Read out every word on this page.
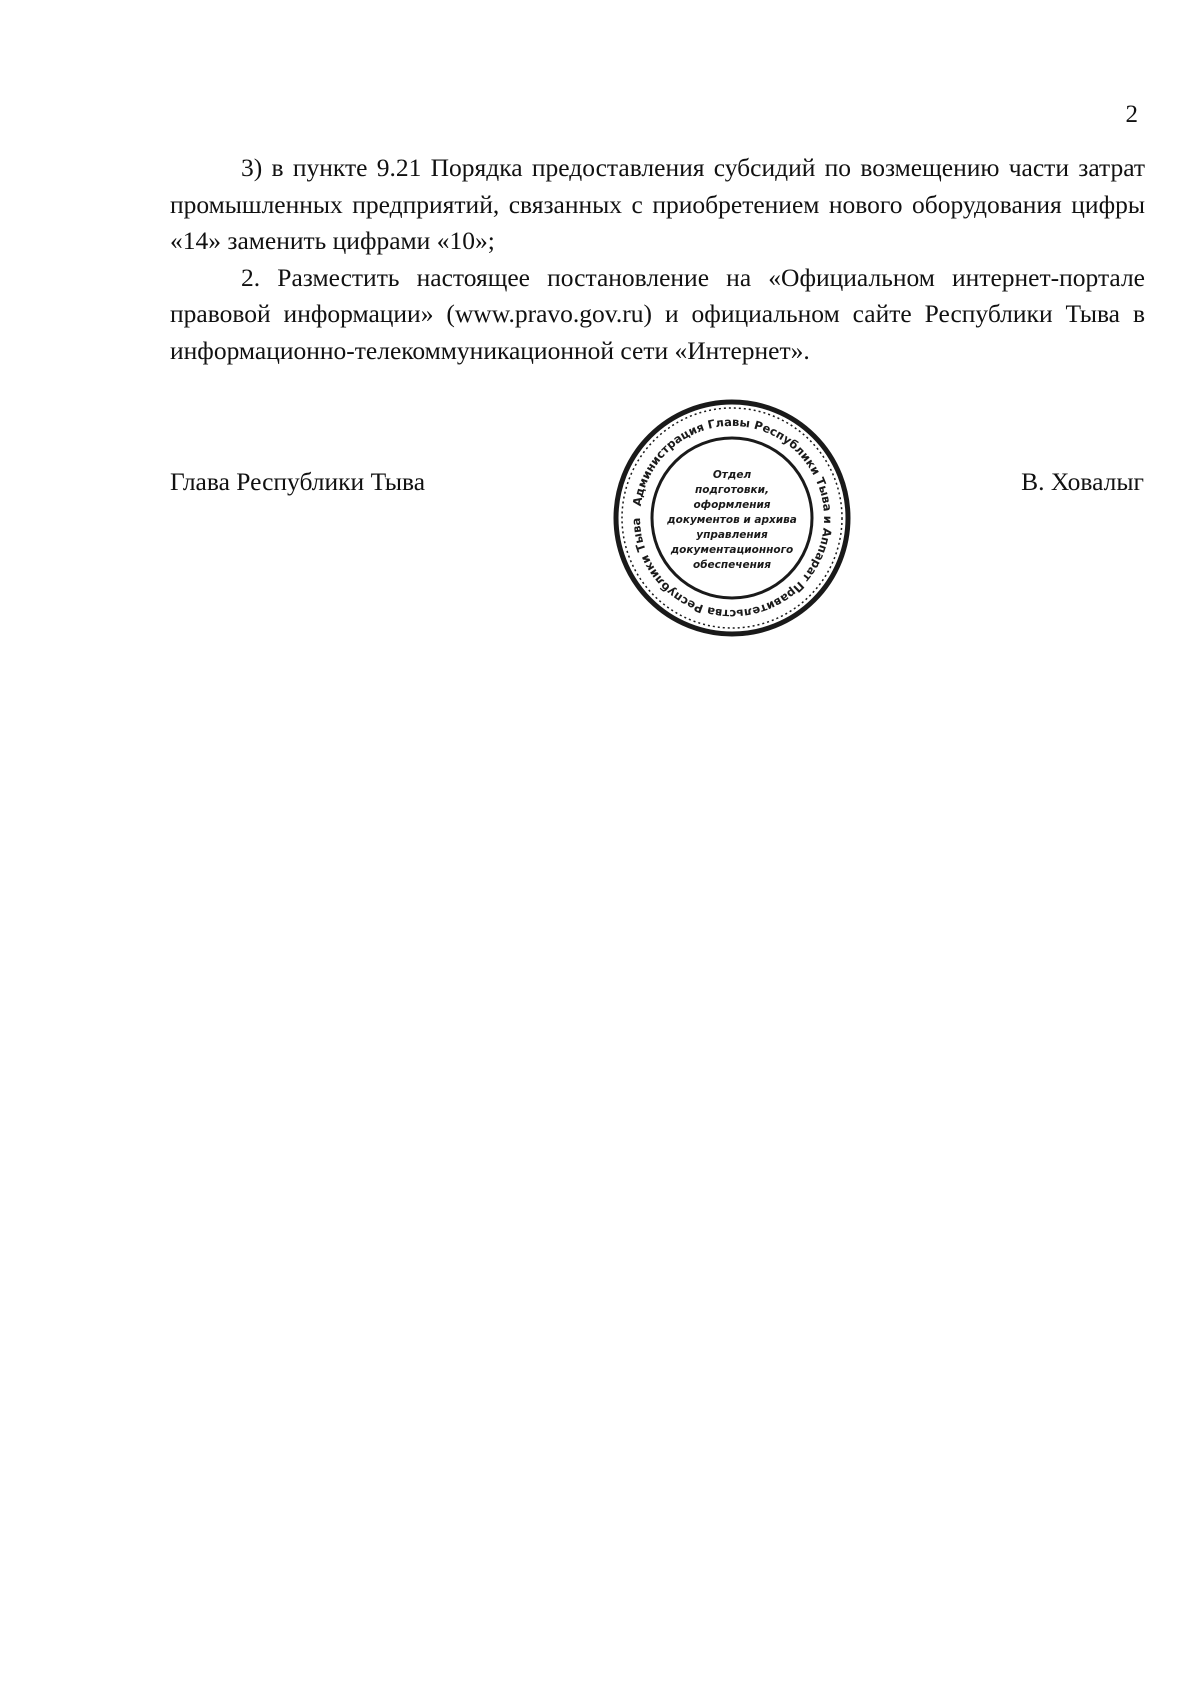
2

3) в пункте 9.21 Порядка предоставления субсидий по возмещению части затрат промышленных предприятий, связанных с приобретением нового оборудования цифры «14» заменить цифрами «10»;

2. Разместить настоящее постановление на «Официальном интернет-портале правовой информации» (www.pravo.gov.ru) и официальном сайте Республики Тыва в информационно-телекоммуникационной сети «Интернет».

Глава Республики Тыва
Администрация Главы Республики Тыва и Аппарат Правительства Республики Тыва
Отдел
подготовки,
оформления
документов и архива
управления
документационного
обеспечения
В. Ховалыг
